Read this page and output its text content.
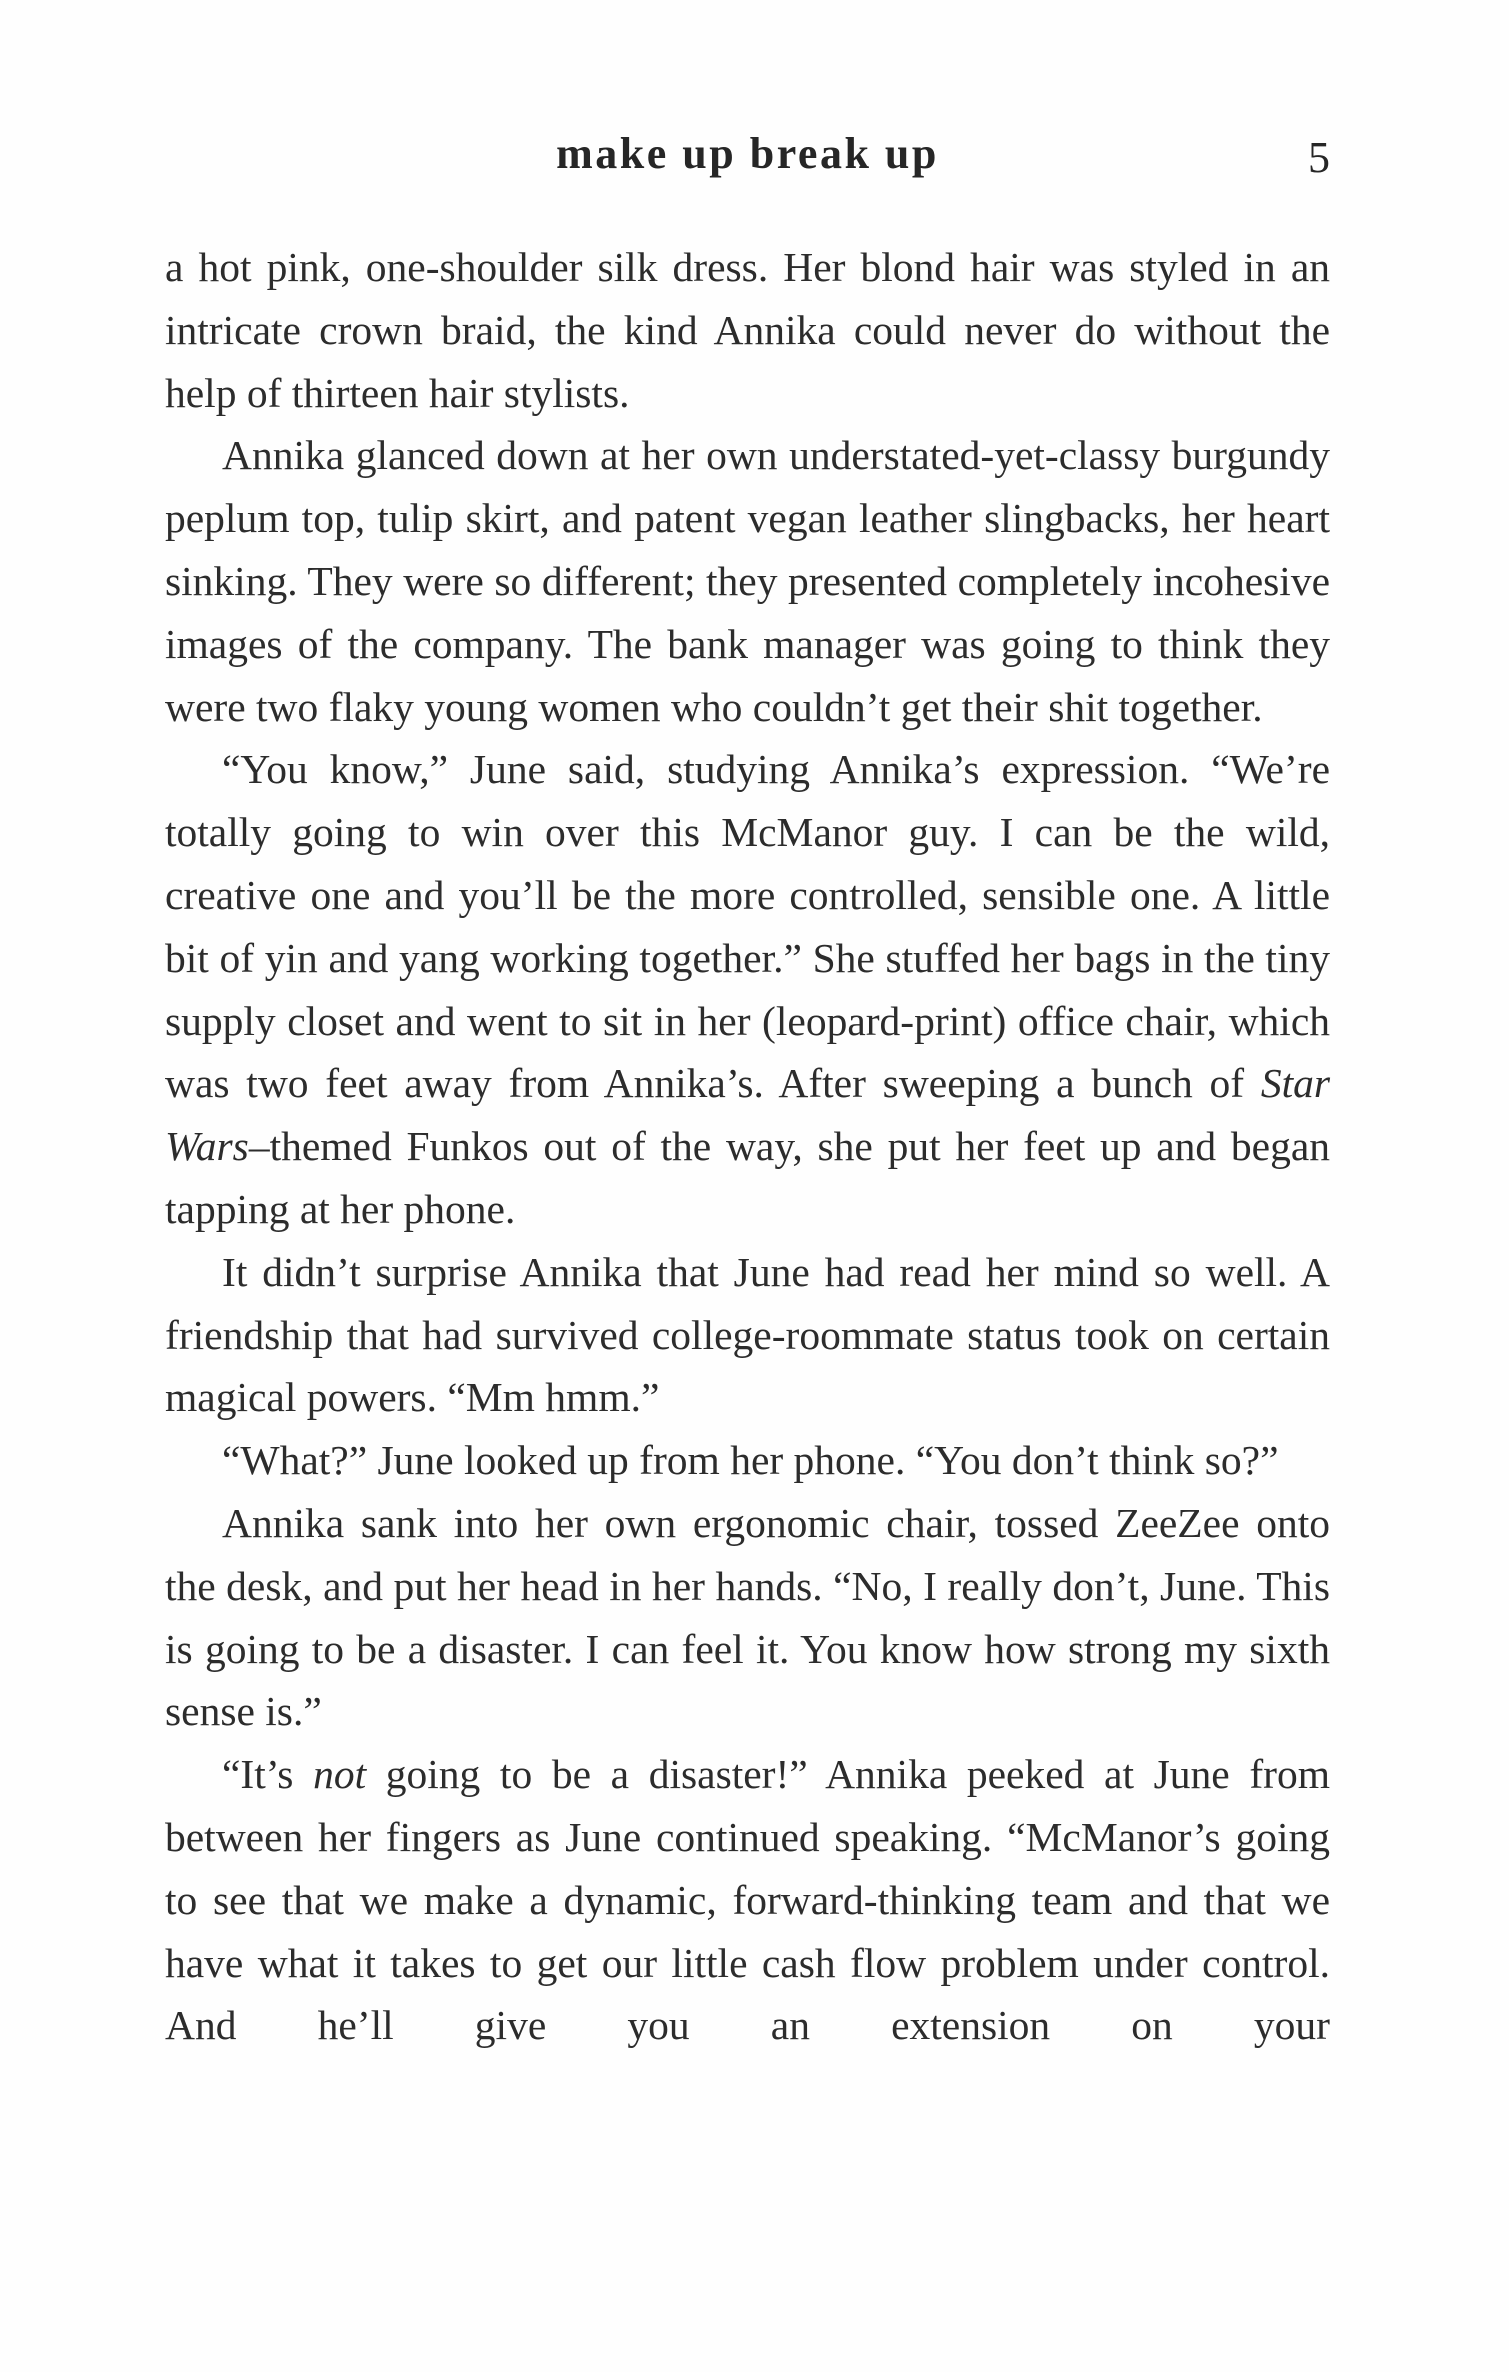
make up break up	5

a hot pink, one-shoulder silk dress. Her blond hair was styled in an intricate crown braid, the kind Annika could never do without the help of thirteen hair stylists.

Annika glanced down at her own understated-yet-classy burgundy peplum top, tulip skirt, and patent vegan leather slingbacks, her heart sinking. They were so different; they presented completely incohesive images of the company. The bank manager was going to think they were two flaky young women who couldn’t get their shit together.

“You know,” June said, studying Annika’s expression. “We’re totally going to win over this McManor guy. I can be the wild, creative one and you’ll be the more controlled, sensible one. A little bit of yin and yang working together.” She stuffed her bags in the tiny supply closet and went to sit in her (leopard-print) office chair, which was two feet away from Annika’s. After sweeping a bunch of Star Wars–themed Funkos out of the way, she put her feet up and began tapping at her phone.

It didn’t surprise Annika that June had read her mind so well. A friendship that had survived college-roommate status took on certain magical powers. “Mm hmm.”

“What?” June looked up from her phone. “You don’t think so?”

Annika sank into her own ergonomic chair, tossed ZeeZee onto the desk, and put her head in her hands. “No, I really don’t, June. This is going to be a disaster. I can feel it. You know how strong my sixth sense is.”

“It’s not going to be a disaster!” Annika peeked at June from between her fingers as June continued speaking. “McManor’s going to see that we make a dynamic, forward-thinking team and that we have what it takes to get our little cash flow problem under control. And he’ll give you an extension on your
